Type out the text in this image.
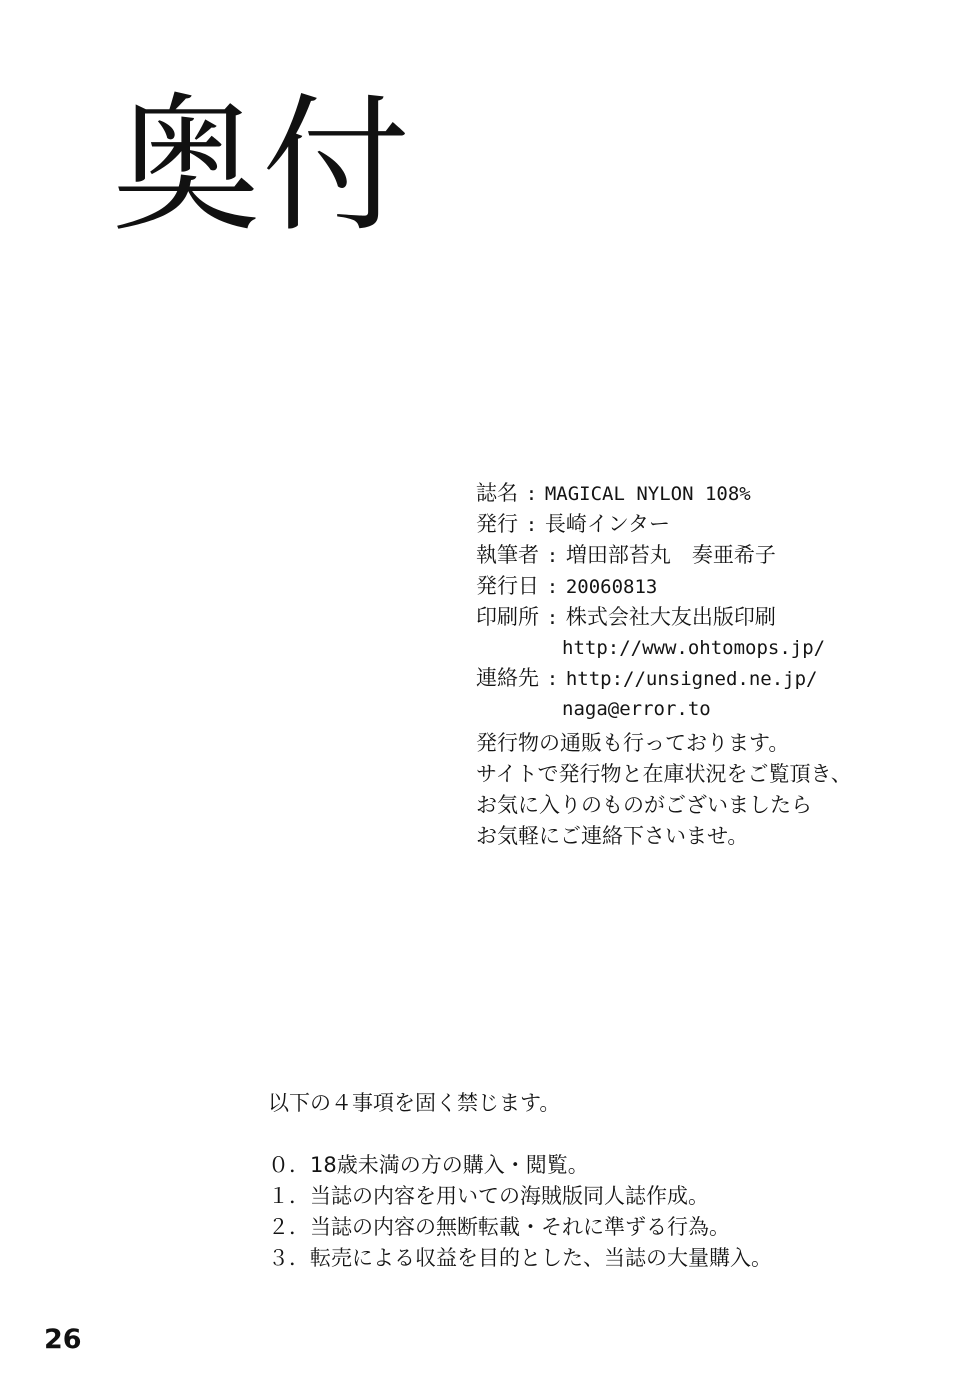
奥付
誌名 : MAGICAL NYLON 108%
発行 : 長崎インター
執筆者 : 増田部苔丸　奏亜希子
発行日 : 20060813
印刷所 : 株式会社大友出版印刷
http://www.ohtomops.jp/
連絡先 : http://unsigned.ne.jp/
naga@error.to
発行物の通販も行っております。
サイトで発行物と在庫状況をご覧頂き、
お気に入りのものがございましたら
お気軽にご連絡下さいませ。
以下の４事項を固く禁じます。
０．18歳未満の方の購入・閲覧。
１．当誌の内容を用いての海賊版同人誌作成。
２．当誌の内容の無断転載・それに準ずる行為。
３．転売による収益を目的とした、当誌の大量購入。
26
